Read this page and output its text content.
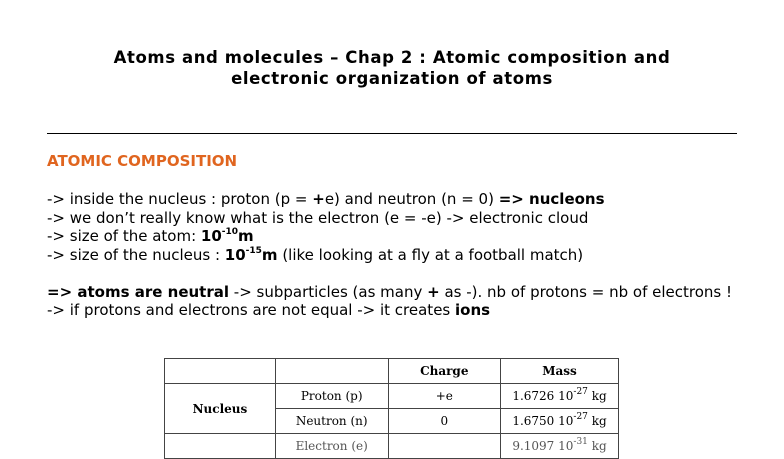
Atoms and molecules – Chap 2 : Atomic composition and
electronic organization of atoms
ATOMIC COMPOSITION

-> inside the nucleus : proton (p = +e) and neutron (n = 0) => nucleons

-> we don’t really know what is the electron (e = -e) -> electronic cloud

-> size of the atom: $10^{-10}m$

-> size of the nucleus : $10^{-15}m$ (like looking at a fly at a football match)

=> atoms are neutral -> subparticles (as many + as -). nb of protons = nb of electrons !

-> if protons and electrons are not equal -> it creates ions

		Charge	Mass
Nucleus	Proton (p)	+e	1.6726 $10^{-27}$ kg
	Neutron (n)	0	1.6750 $10^{-27}$ kg
	Electron (e)		9.1097 $10^{-31}$ kg
